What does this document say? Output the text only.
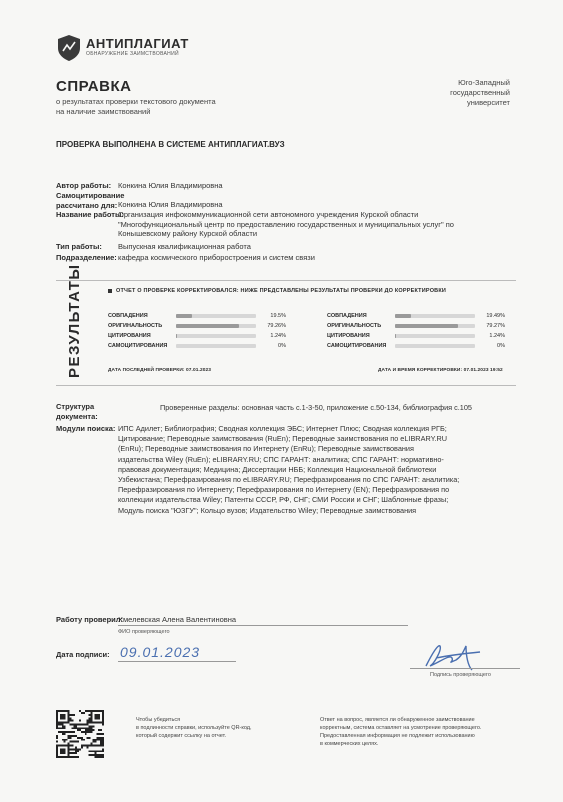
АНТИПЛАГИАТ
ОБНАРУЖЕНИЕ ЗАИМСТВОВАНИЙ
СПРАВКА
о результатах проверки текстового документа
на наличие заимствований
Юго-Западный государственный
университет
ПРОВЕРКА ВЫПОЛНЕНА В СИСТЕМЕ АНТИПЛАГИАТ.ВУЗ
Автор работы: Конкина Юлия Владимировна
Самоцитирование
рассчитано для: Конкина Юлия Владимировна
Название работы:
Организация инфокоммуникационной сети автономного учреждения Курской области
"Многофункциональный центр по предоставлению государственных и муниципальных услуг" по
Конышевскому району Курской области
Тип работы: Выпускная квалификационная работа
Подразделение: кафедра космического приборостроения и систем связи
РЕЗУЛЬТАТЫ	ОТЧЕТ О ПРОВЕРКЕ КОРРЕКТИРОВАЛСЯ: НИЖЕ ПРЕДСТАВЛЕНЫ РЕЗУЛЬТАТЫ ПРОВЕРКИ ДО КОРРЕКТИРОВКИ
СОВПАДЕНИЯ	19.5%
ОРИГИНАЛЬНОСТЬ	79.26%
ЦИТИРОВАНИЯ	1.24%
САМОЦИТИРОВАНИЯ	0%
СОВПАДЕНИЯ	19.49%
ОРИГИНАЛЬНОСТЬ	79.27%
ЦИТИРОВАНИЯ	1.24%
САМОЦИТИРОВАНИЯ	0%
ДАТА ПОСЛЕДНЕЙ ПРОВЕРКИ: 07.01.2023	ДАТА И ВРЕМЯ КОРРЕКТИРОВКИ: 07.01.2023 19:52
Структура
документа:
Проверенные разделы: основная часть с.1-3-50, приложение с.50-134, библиография с.105
Модули поиска: ИПС Адилет; Библиография; Сводная коллекция ЭБС; Интернет Плюс; Сводная коллекция РГБ;
Цитирование; Переводные заимствования (RuEn); Переводные заимствования по eLIBRARY.RU
(EnRu); Переводные заимствования по Интернету (EnRu); Переводные заимствования
издательства Wiley (RuEn); eLIBRARY.RU; СПС ГАРАНТ: аналитика; СПС ГАРАНТ: нормативно-
правовая документация; Медицина; Диссертации НББ; Коллекция Национальной библиотеки
Узбекистана; Перефразирования по eLIBRARY.RU; Перефразирования по СПС ГАРАНТ: аналитика;
Перефразирования по Интернету; Перефразирования по Интернету (EN); Перефразирования по
коллекции издательства Wiley; Патенты СССР, РФ, СНГ; СМИ России и СНГ; Шаблонные фразы;
Модуль поиска "ЮЗГУ"; Кольцо вузов; Издательство Wiley; Переводные заимствования
Работу проверил:
Хмелевская Алена Валентиновна
ФИО проверяющего
Дата подписи: 09.01.2023
Подпись проверяющего
Чтобы убедиться
в подлинности справки, используйте QR-код,
который содержит ссылку на отчет.
Ответ на вопрос, является ли обнаруженное заимствование
корректным, система оставляет на усмотрение проверяющего.
Предоставленная информация не подлежит использованию
в коммерческих целях.
